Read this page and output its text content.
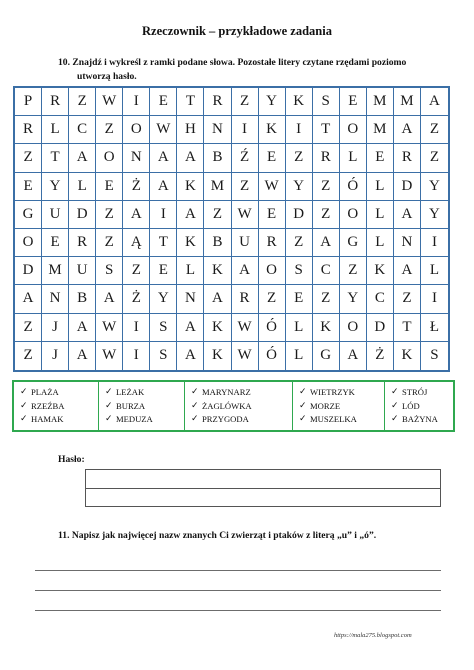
Rzeczownik – przykładowe zadania
10. Znajdź i wykreśl z ramki podane słowa. Pozostałe litery czytane rzędami poziomo
utworzą hasło.
P	R	Z	W	I	E	T	R	Z	Y	K	S	E	M M	A
R	L	C	Z	O W H	N	I	K	I	T	O M A	Z
Z	T	A	O	N	A	A	B	Ź	E	Z	R	L	E	R	Z
E	Y	L	E	Ż	A	K M	Z	W Y	Z	Ó	L	D	Y
G	U	D	Z	A	I	A	Z	W	E	D	Z	O	L	A	Y
O	E	R	Z	Ą	T	K	B	U	R	Z	A	G	L	N	I
D M U	S	Z	E	L	K	A	O	S	C	Z	K	A	L
A	N	B	A	Ż	Y	N	A	R	Z	E	Z	Y	C	Z	I
Z	J	A W	I	S	A	K W Ó	L	K	O	D	T	Ł
Z	J	A W	I	S	A	K W Ó	L	G	A	Ż	K	S
✓ PLAŻA
✓ RZEŹBA
✓ HAMAK
✓ LEŻAK
✓ BURZA
✓ MEDUZA
✓ MARYNARZ
✓ ŻAGLÓWKA
✓ PRZYGODA
✓ WIETRZYK
✓ MORZE
✓ MUSZELKA
✓ STRÓJ
✓ LÓD
✓ BAŻYNA
Hasło:
11. Napisz jak najwięcej nazw znanych Ci zwierząt i ptaków z literą „u” i „ó”.
https://mala275.blogspot.com
